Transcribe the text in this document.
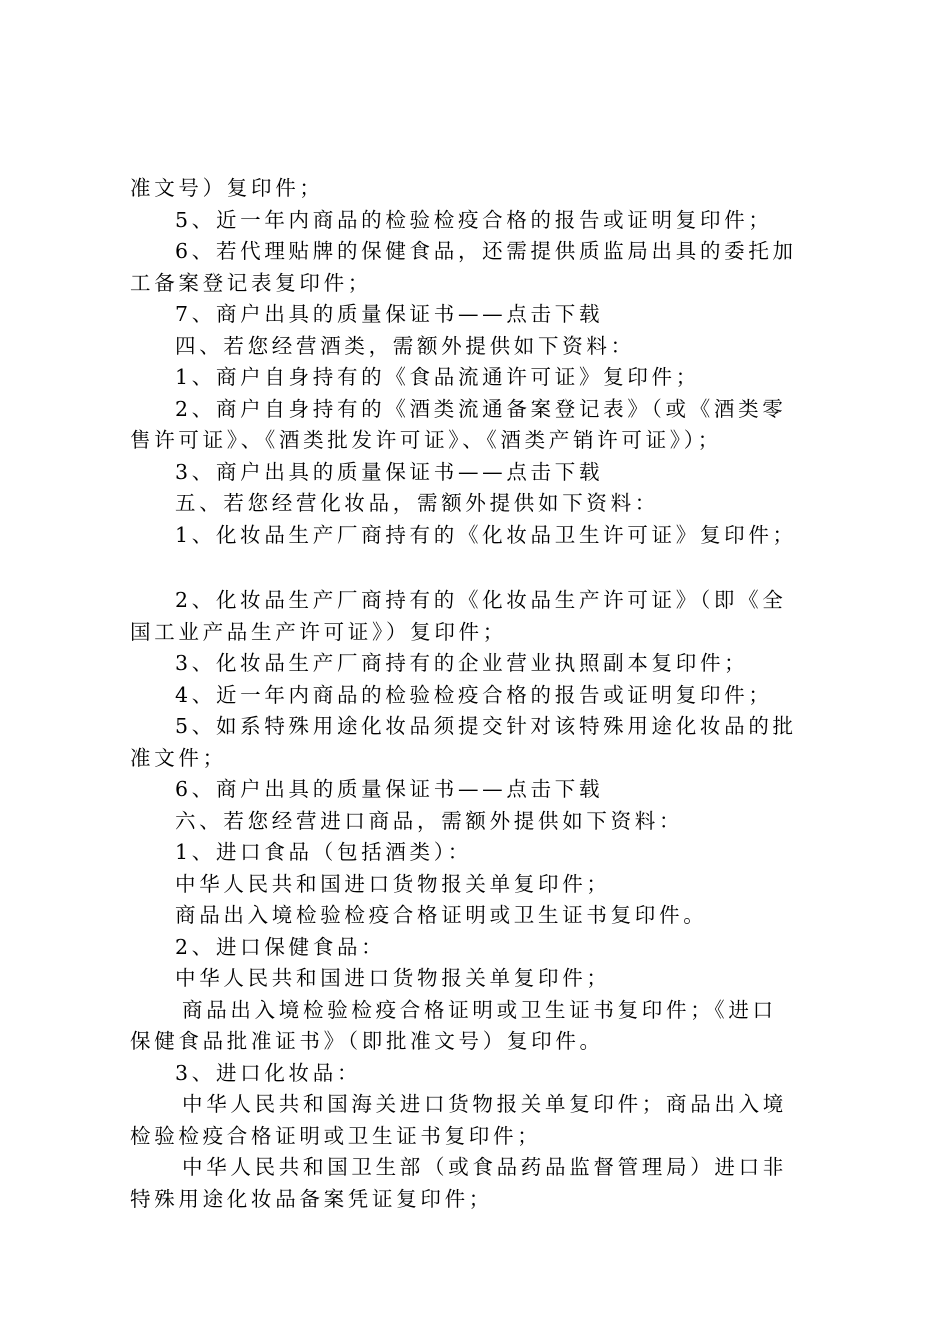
准文号）复印件；
5、近一年内商品的检验检疫合格的报告或证明复印件；
6、若代理贴牌的保健食品，还需提供质监局出具的委托加
工备案登记表复印件；
7、商户出具的质量保证书——点击下载
四、若您经营酒类，需额外提供如下资料：
1、商户自身持有的《食品流通许可证》复印件；
2、商户自身持有的《酒类流通备案登记表》（或《酒类零
售许可证》、《酒类批发许可证》、《酒类产销许可证》）；
3、商户出具的质量保证书——点击下载
五、若您经营化妆品，需额外提供如下资料：
1、化妆品生产厂商持有的《化妆品卫生许可证》复印件；
2、化妆品生产厂商持有的《化妆品生产许可证》（即《全
国工业产品生产许可证》）复印件；
3、化妆品生产厂商持有的企业营业执照副本复印件；
4、近一年内商品的检验检疫合格的报告或证明复印件；
5、如系特殊用途化妆品须提交针对该特殊用途化妆品的批
准文件；
6、商户出具的质量保证书——点击下载
六、若您经营进口商品，需额外提供如下资料：
1、进口食品（包括酒类）：
中华人民共和国进口货物报关单复印件；
商品出入境检验检疫合格证明或卫生证书复印件。
2、进口保健食品：
中华人民共和国进口货物报关单复印件；
商品出入境检验检疫合格证明或卫生证书复印件；《进口
保健食品批准证书》（即批准文号）复印件。
3、进口化妆品：
中华人民共和国海关进口货物报关单复印件；商品出入境
检验检疫合格证明或卫生证书复印件；
中华人民共和国卫生部（或食品药品监督管理局）进口非
特殊用途化妆品备案凭证复印件；
